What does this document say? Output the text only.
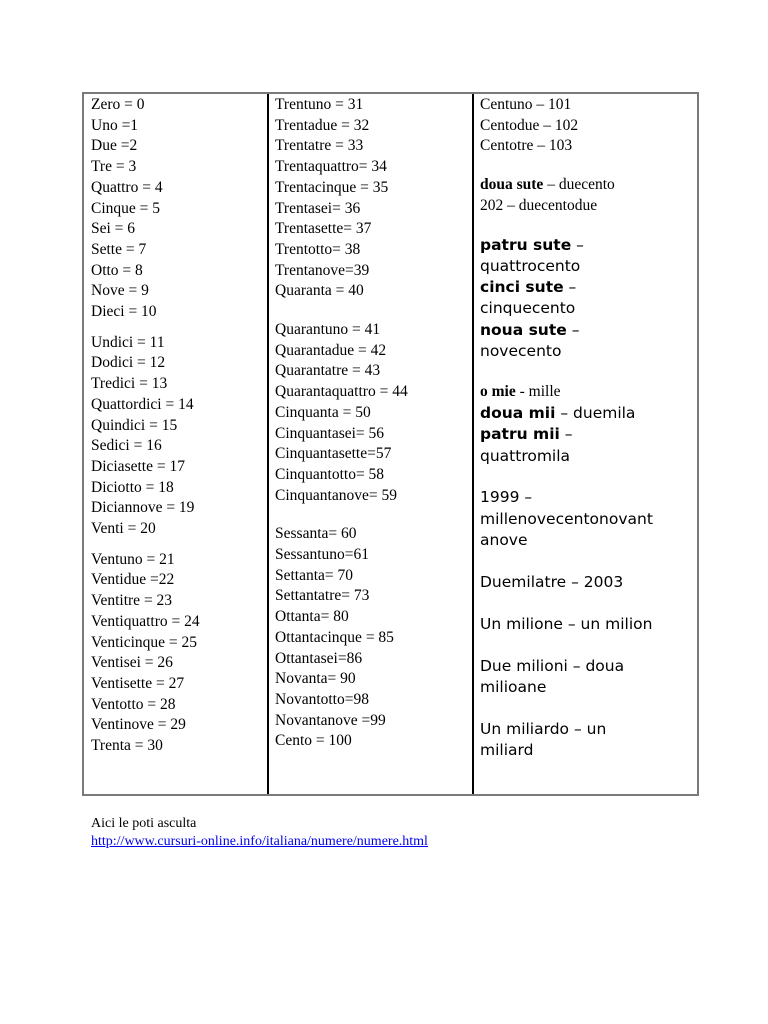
Zero = 0
Uno =1
Due =2
Tre = 3
Quattro = 4
Cinque = 5
Sei = 6
Sette = 7
Otto = 8
Nove = 9
Dieci = 10
Undici = 11
Dodici = 12
Tredici = 13
Quattordici = 14
Quindici = 15
Sedici = 16
Diciasette = 17
Diciotto = 18
Diciannove = 19
Venti = 20
Ventuno = 21
Ventidue =22
Ventitre = 23
Ventiquattro = 24
Venticinque = 25
Ventisei = 26
Ventisette = 27
Ventotto = 28
Ventinove = 29
Trenta = 30
Trentuno = 31
Trentadue = 32
Trentatre = 33
Trentaquattro= 34
Trentacinque = 35
Trentasei= 36
Trentasette= 37
Trentotto= 38
Trentanove=39
Quaranta = 40
Quarantuno = 41
Quarantadue = 42
Quarantatre = 43
Quarantaquattro = 44
Cinquanta = 50
Cinquantasei= 56
Cinquantasette=57
Cinquantotto= 58
Cinquantanove= 59
Sessanta= 60
Sessantuno=61
Settanta= 70
Settantatre= 73
Ottanta= 80
Ottantacinque = 85
Ottantasei=86
Novanta= 90
Novantotto=98
Novantanove =99
Cento = 100
Centuno – 101
Centodue – 102
Centotre – 103
doua sute – duecento
202 – duecentodue
patru sute –
quattrocento
cinci sute –
cinquecento
noua sute –
novecento
o mie - mille
doua mii – duemila
patru mii –
quattromila
1999 –
millenovecentonovant
anove
Duemilatre – 2003
Un milione – un milion
Due milioni – doua
milioane
Un miliardo – un
miliard
Aici le poti asculta
http://www.cursuri-online.info/italiana/numere/numere.html
